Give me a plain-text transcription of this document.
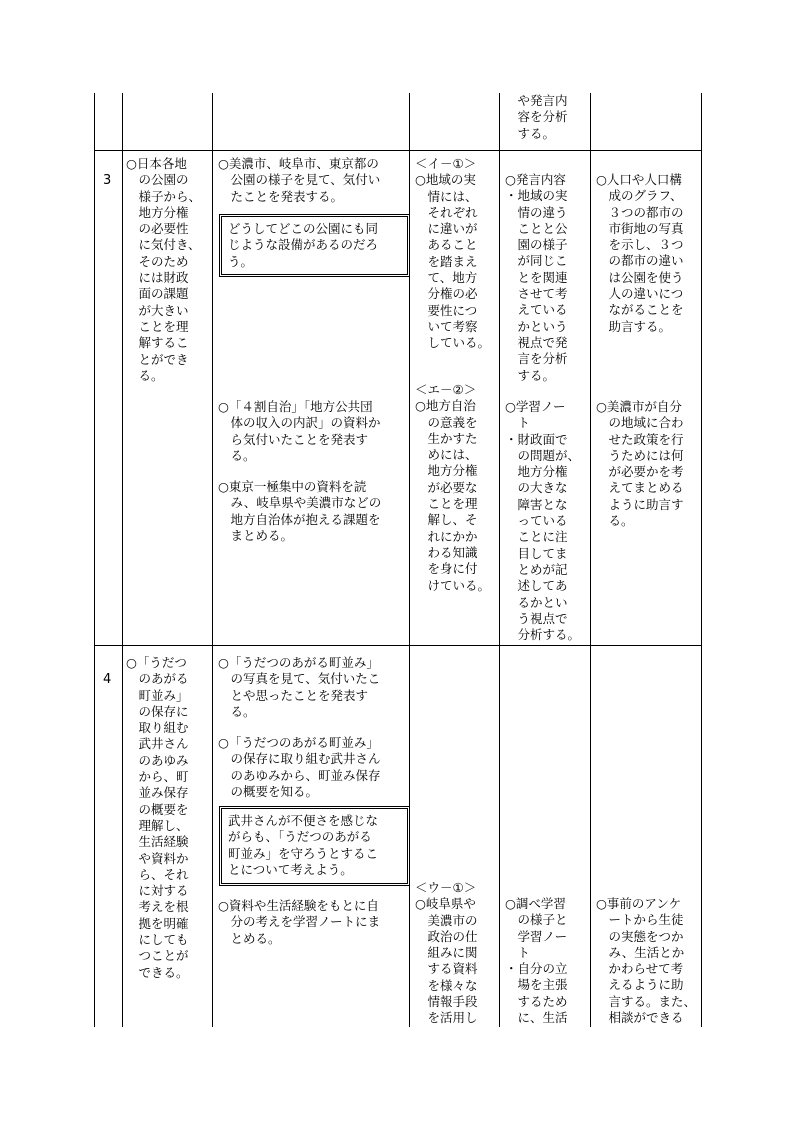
　や発言内
　容を分析
　する。
3
○日本各地
　の公園の
　様子から、
　地方分権
　の必要性
　に気付き、
　そのため
　には財政
　面の課題
　が大きい
　ことを理
　解するこ
　とができ
　る。
○美濃市、岐阜市、東京都の
　公園の様子を見て、気付い
　たことを発表する。
どうしてどこの公園にも同
じような設備があるのだろ
う。
○「４割自治」「地方公共団
　体の収入の内訳」の資料か
　ら気付いたことを発表す
　る。
○東京一極集中の資料を読
　み、岐阜県や美濃市などの
　地方自治体が抱える課題を
　まとめる。
＜イ－①＞
○地域の実
　情には、
　それぞれ
　に違いが
　あること
　を踏まえ
　て、地方
　分権の必
　要性につ
　いて考察
　している。
＜エ－②＞
○地方自治
　の意義を
　生かすた
　めには、
　地方分権
　が必要な
　ことを理
　解し、そ
　れにかか
　わる知識
　を身に付
　けている。
○発言内容
・地域の実
　情の違う
　ことと公
　園の様子
　が同じこ
　とを関連
　させて考
　えている
　かという
　視点で発
　言を分析
　する。
○学習ノー
　ト
・財政面で
　の問題が、
　地方分権
　の大きな
　障害とな
　っている
　ことに注
　目してま
　とめが記
　述してあ
　るかとい
　う視点で
　分析する。
○人口や人口構
　成のグラフ、
　３つの都市の
　市街地の写真
　を示し、３つ
　の都市の違い
　は公園を使う
　人の違いにつ
　ながることを
　助言する。
○美濃市が自分
　の地域に合わ
　せた政策を行
　うためには何
　が必要かを考
　えてまとめる
　ように助言す
　る。
4
○「うだつ
　のあがる
　町並み」
　の保存に
　取り組む
　武井さん
　のあゆみ
　から、町
　並み保存
　の概要を
　理解し、
　生活経験
　や資料か
　ら、それ
　に対する
　考えを根
　拠を明確
　にしても
　つことが
　できる。
○「うだつのあがる町並み」
　の写真を見て、気付いたこ
　とや思ったことを発表す
　る。
○「うだつのあがる町並み」
　の保存に取り組む武井さん
　のあゆみから、町並み保存
　の概要を知る。
武井さんが不便さを感じな
がらも、「うだつのあがる
町並み」を守ろうとするこ
とについて考えよう。
○資料や生活経験をもとに自
　分の考えを学習ノートにま
　とめる。
＜ウ－①＞
○岐阜県や
　美濃市の
　政治の仕
　組みに関
　する資料
　を様々な
　情報手段
　を活用し
○調べ学習
　の様子と
　学習ノー
　ト
・自分の立
　場を主張
　するため
　に、生活
○事前のアンケ
　ートから生徒
　の実態をつか
　み、生活とか
　かわらせて考
　えるように助
　言する。また、
　相談ができる
